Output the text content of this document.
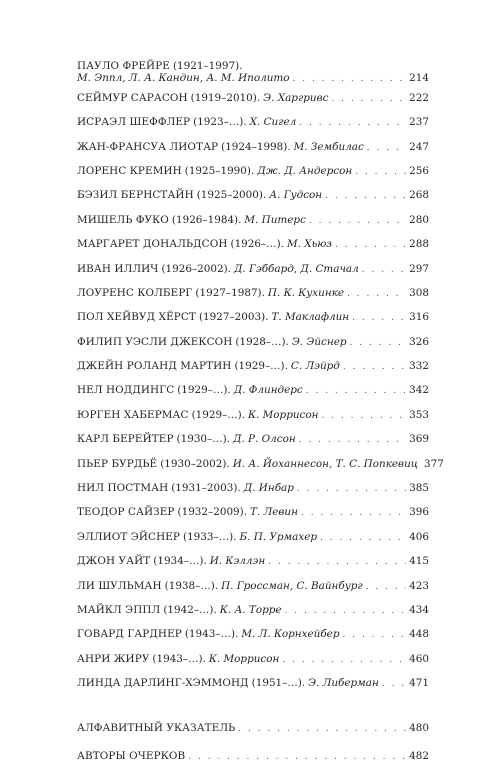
ПАУЛО ФРЕЙРЕ (1921–1997).
М. Эппл, Л. А. Кандин, А. М. Иполито . . .	214
СЕЙМУР САРАСОН (1919–2010). Э. Харгривс . . .	222
ИСРАЭЛ ШЕФФЛЕР (1923–…). Х. Сигел . . .	237
ЖАН-ФРАНСУА ЛИОТАР (1924–1998). М. Зембилас . . .	247
ЛОРЕНС КРЕМИН (1925–1990). Дж. Д. Андерсон . . .	256
БЭЗИЛ БЕРНСТАЙН (1925–2000). А. Гудсон . . .	268
МИШЕЛЬ ФУКО (1926–1984). М. Питерс . . .	280
МАРГАРЕТ ДОНАЛЬДСОН (1926–…). М. Хьюз . . .	288
ИВАН ИЛЛИЧ (1926–2002). Д. Гэббард, Д. Стачал . . .	297
ЛОУРЕНС КОЛБЕРГ (1927–1987). П. К. Кухинке . . .	308
ПОЛ ХЕЙВУД ХЁРСТ (1927–2003). Т. Маклафлин . . .	316
ФИЛИП УЭСЛИ ДЖЕКСОН (1928–…). Э. Эйснер . . .	326
ДЖЕЙН РОЛАНД МАРТИН (1929–…). С. Лэйрд . . .	332
НЕЛ НОДДИНГС (1929–…). Д. Флиндерс . . .	342
ЮРГЕН ХАБЕРМАС (1929–…). К. Моррисон . . .	353
КАРЛ БЕРЕЙТЕР (1930–…). Д. Р. Олсон . . .	369
ПЬЕР БУРДЬЁ (1930–2002). И. А. Йоханнесон, Т. С. Попкевиц 377
НИЛ ПОСТМАН (1931–2003). Д. Инбар . . .	385
ТЕОДОР САЙЗЕР (1932–2009). Т. Левин . . .	396
ЭЛЛИОТ ЭЙСНЕР (1933–…). Б. П. Урмахер . . .	406
ДЖОН УАЙТ (1934–…). И. Кэллэн . . .	415
ЛИ ШУЛЬМАН (1938–…). П. Гроссман, С. Вайнбург . . .	423
МАЙКЛ ЭППЛ (1942–…). К. А. Торре . . .	434
ГОВАРД ГАРДНЕР (1943–…). М. Л. Корнхейбер . . .	448
АНРИ ЖИРУ (1943–…). К. Моррисон . . .	460
ЛИНДА ДАРЛИНГ-ХЭММОНД (1951–…). Э. Либерман . . .	471
АЛФАВИТНЫЙ УКАЗАТЕЛЬ . . .	480
АВТОРЫ ОЧЕРКОВ . . .	482
